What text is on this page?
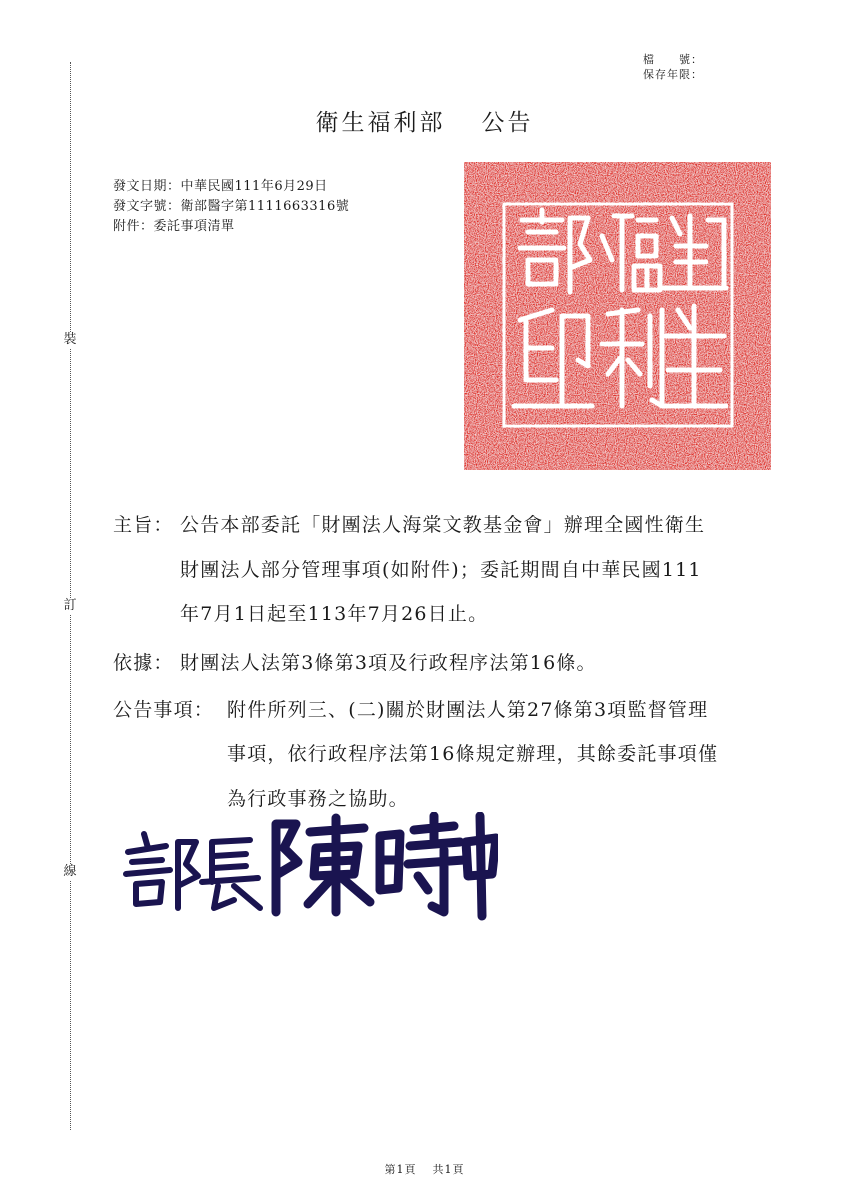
裝
訂
線
檔　　號：
保存年限：
衛生福利部 公告
發文日期：中華民國111年6月29日
發文字號：衛部醫字第1111663316號
附件：委託事項清單
主旨： 公告本部委託「財團法人海棠文教基金會」辦理全國性衛生
財團法人部分管理事項(如附件)；委託期間自中華民國111
年7月1日起至113年7月26日止。
依據： 財團法人法第3條第3項及行政程序法第16條。
公告事項： 附件所列三、(二)關於財團法人第27條第3項監督管理
事項，依行政程序法第16條規定辦理，其餘委託事項僅
為行政事務之協助。
第1頁 共1頁
